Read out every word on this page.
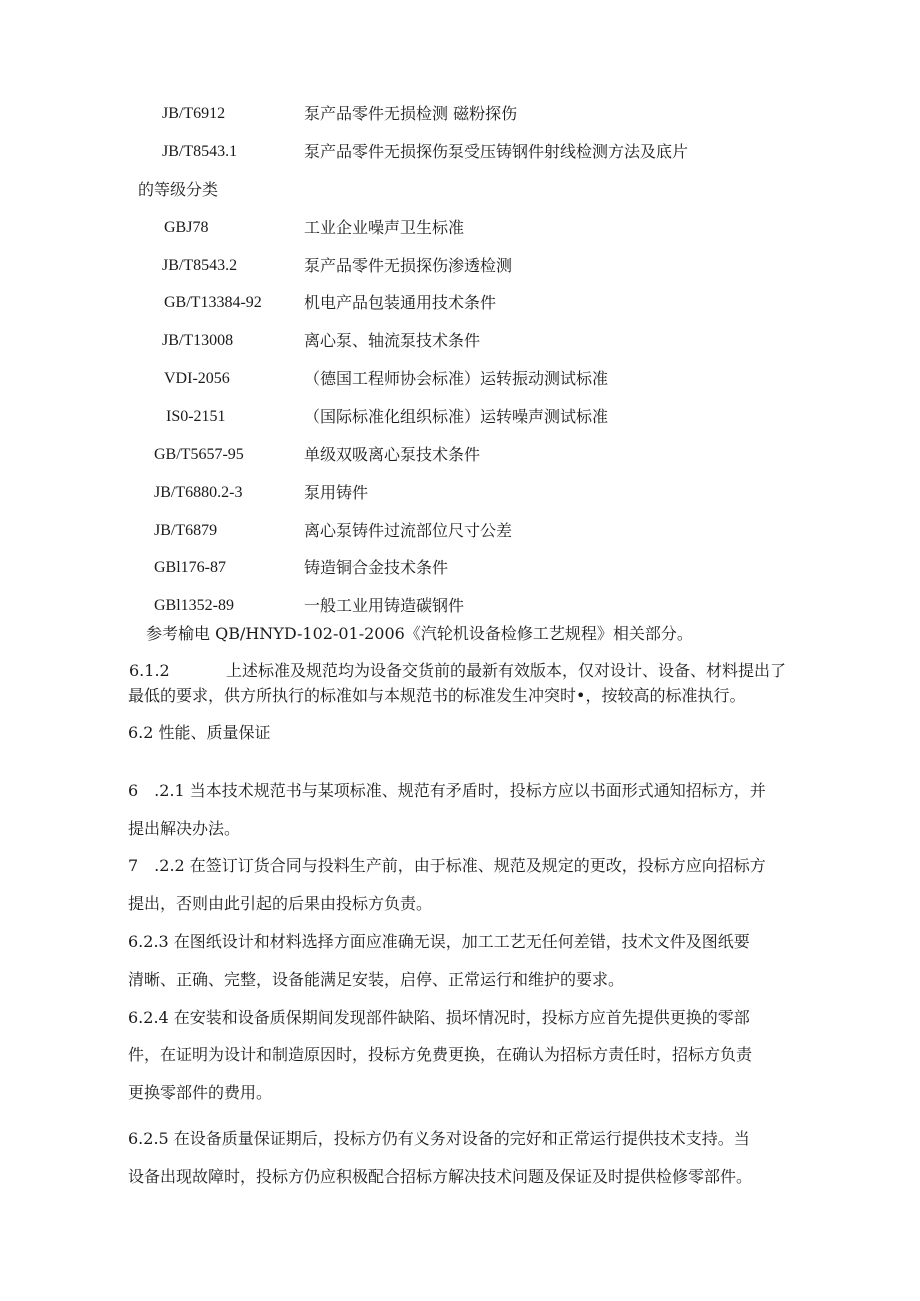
JB/T6912	泵产品零件无损检测 磁粉探伤
JB/T8543.1	泵产品零件无损探伤泵受压铸钢件射线检测方法及底片
的等级分类
GBJ78	工业企业噪声卫生标准
JB/T8543.2	泵产品零件无损探伤渗透检测
GB/T13384-92	机电产品包装通用技术条件
JB/T13008	离心泵、轴流泵技术条件
VDI-2056	（德国工程师协会标准）运转振动测试标准
IS0-2151	（国际标准化组织标准）运转噪声测试标准
GB/T5657-95	单级双吸离心泵技术条件
JB/T6880.2-3	泵用铸件
JB/T6879	离心泵铸件过流部位尺寸公差
GBl176-87	铸造铜合金技术条件
GBl1352-89	一般工业用铸造碳钢件
参考榆电 QB/HNYD-102-01-2006《汽轮机设备检修工艺规程》相关部分。
6.1.2	上述标准及规范均为设备交货前的最新有效版本，仅对设计、设备、材料提出了
最低的要求，供方所执行的标准如与本规范书的标准发生冲突时•，按较高的标准执行。
6.2 性能、质量保证
6　.2.1 当本技术规范书与某项标准、规范有矛盾时，投标方应以书面形式通知招标方，并
提出解决办法。
7　.2.2 在签订订货合同与投料生产前，由于标准、规范及规定的更改，投标方应向招标方
提出，否则由此引起的后果由投标方负责。
6.2.3 在图纸设计和材料选择方面应准确无误，加工工艺无任何差错，技术文件及图纸要
清晰、正确、完整，设备能满足安装，启停、正常运行和维护的要求。
6.2.4 在安装和设备质保期间发现部件缺陷、损坏情况时，投标方应首先提供更换的零部
件，在证明为设计和制造原因时，投标方免费更换，在确认为招标方责任时，招标方负责
更换零部件的费用。
6.2.5 在设备质量保证期后，投标方仍有义务对设备的完好和正常运行提供技术支持。当
设备出现故障时，投标方仍应积极配合招标方解决技术问题及保证及时提供检修零部件。
